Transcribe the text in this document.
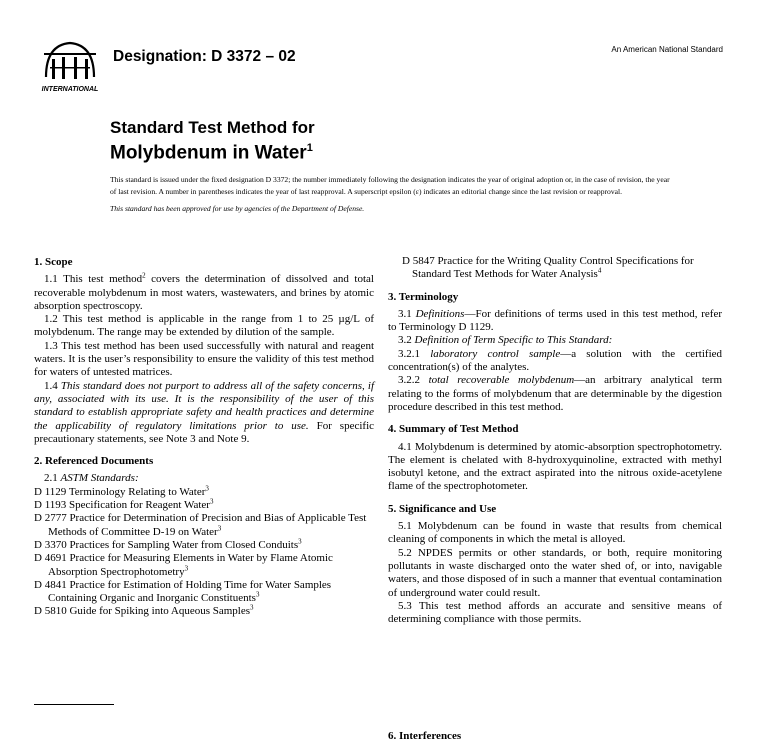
INTERNATIONAL
Designation: D 3372 – 02	An American National Standard
Standard Test Method for
Molybdenum in Water$^1$

This standard is issued under the fixed designation D 3372; the number immediately following the designation indicates the year of original adoption or, in the case of revision, the year of last revision. A number in parentheses indicates the year of last reapproval. A superscript epsilon (ε) indicates an editorial change since the last revision or reapproval.

This standard has been approved for use by agencies of the Department of Defense.

1. Scope

1.1 This test method$^2$ covers the determination of dissolved and total recoverable molybdenum in most waters, wastewaters, and brines by atomic absorption spectroscopy.

1.2 This test method is applicable in the range from 1 to 25 µg/L of molybdenum. The range may be extended by dilution of the sample.

1.3 This test method has been used successfully with natural and reagent waters. It is the user’s responsibility to ensure the validity of this test method for waters of untested matrices.

1.4 This standard does not purport to address all of the safety concerns, if any, associated with its use. It is the responsibility of the user of this standard to establish appropriate safety and health practices and determine the applicability of regulatory limitations prior to use. For specific precautionary statements, see Note 3 and Note 9.

2. Referenced Documents

2.1 ASTM Standards:

D 1129 Terminology Relating to Water$^3$

D 1193 Specification for Reagent Water$^3$

D 2777 Practice for Determination of Precision and Bias of Applicable Test Methods of Committee D-19 on Water$^3$

D 3370 Practices for Sampling Water from Closed Conduits$^3$

D 4691 Practice for Measuring Elements in Water by Flame Atomic Absorption Spectrophotometry$^3$

D 4841 Practice for Estimation of Holding Time for Water Samples Containing Organic and Inorganic Constituents$^3$

D 5810 Guide for Spiking into Aqueous Samples$^3$

D 5847 Practice for the Writing Quality Control Specifications for Standard Test Methods for Water Analysis$^4$

3. Terminology

3.1 Definitions—For definitions of terms used in this test method, refer to Terminology D 1129.

3.2 Definition of Term Specific to This Standard:

3.2.1 laboratory control sample—a solution with the certified concentration(s) of the analytes.

3.2.2 total recoverable molybdenum—an arbitrary analytical term relating to the forms of molybdenum that are determinable by the digestion procedure described in this test method.

4. Summary of Test Method

4.1 Molybdenum is determined by atomic-absorption spectrophotometry. The element is chelated with 8-hydroxyquinoline, extracted with methyl isobutyl ketone, and the extract aspirated into the nitrous oxide-acetylene flame of the spectrophotometer.

5. Significance and Use

5.1 Molybdenum can be found in waste that results from chemical cleaning of components in which the metal is alloyed.

5.2 NPDES permits or other standards, or both, require monitoring pollutants in waste discharged onto the water shed of, or into, navigable waters, and those disposed of in such a manner that eventual contamination of underground water could result.

5.3 This test method affords an accurate and sensitive means of determining compliance with those permits.

6. Interferences
